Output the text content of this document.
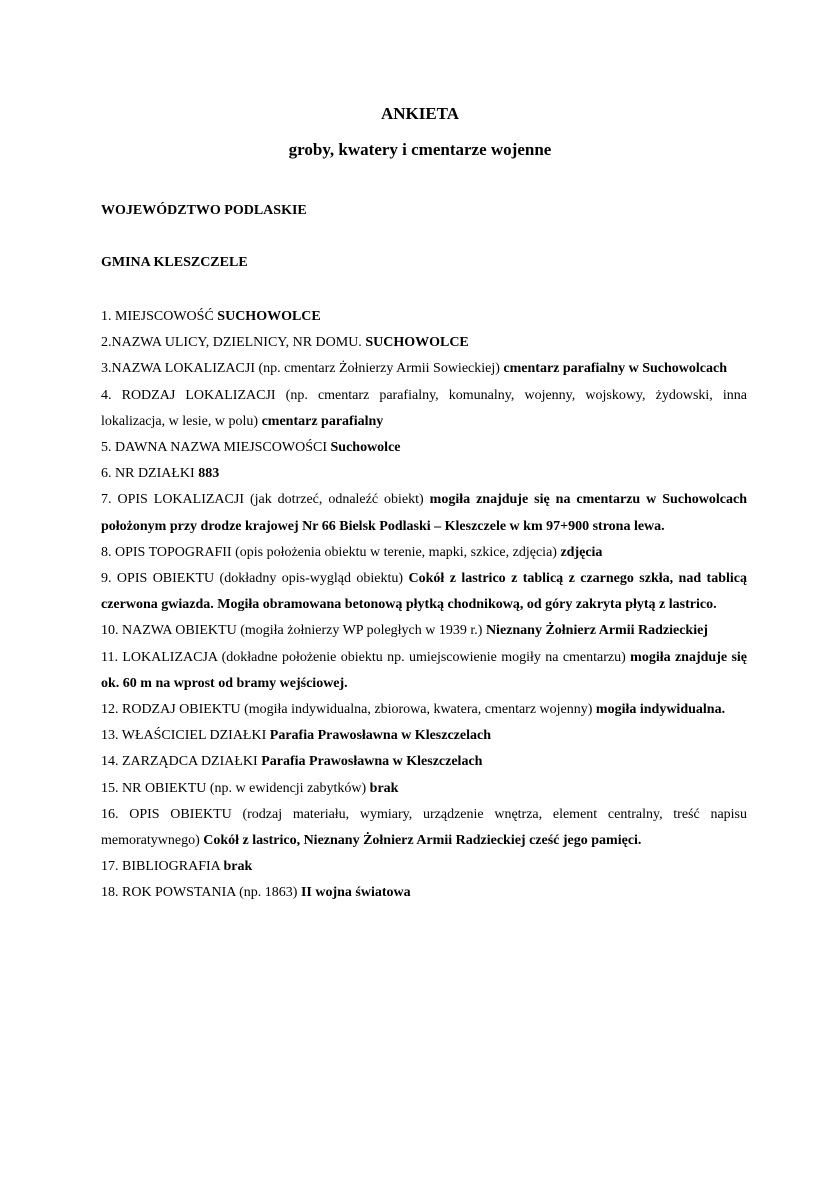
ANKIETA
groby, kwatery i cmentarze wojenne
WOJEWÓDZTWO PODLASKIE
GMINA KLESZCZELE

1. MIEJSCOWOŚĆ SUCHOWOLCE

2.NAZWA ULICY, DZIELNICY, NR DOMU. SUCHOWOLCE

3.NAZWA LOKALIZACJI (np. cmentarz Żołnierzy Armii Sowieckiej) cmentarz parafialny w Suchowolcach

4. RODZAJ LOKALIZACJI (np. cmentarz parafialny, komunalny, wojenny, wojskowy, żydowski, inna lokalizacja, w lesie, w polu) cmentarz parafialny

5. DAWNA NAZWA MIEJSCOWOŚCI Suchowolce

6. NR DZIAŁKI 883

7. OPIS LOKALIZACJI (jak dotrzeć, odnaleźć obiekt) mogiła znajduje się na cmentarzu w Suchowolcach położonym przy drodze krajowej Nr 66 Bielsk Podlaski – Kleszczele w km 97+900 strona lewa.

8. OPIS TOPOGRAFII (opis położenia obiektu w terenie, mapki, szkice, zdjęcia) zdjęcia

9. OPIS OBIEKTU (dokładny opis-wygląd obiektu) Cokół z lastrico z tablicą z czarnego szkła, nad tablicą czerwona gwiazda. Mogiła obramowana betonową płytką chodnikową, od góry zakryta płytą z lastrico.

10. NAZWA OBIEKTU (mogiła żołnierzy WP poległych w 1939 r.) Nieznany Żołnierz Armii Radzieckiej

11. LOKALIZACJA (dokładne położenie obiektu np. umiejscowienie mogiły na cmentarzu) mogiła znajduje się ok. 60 m na wprost od bramy wejściowej.

12. RODZAJ OBIEKTU (mogiła indywidualna, zbiorowa, kwatera, cmentarz wojenny) mogiła indywidualna.

13. WŁAŚCICIEL DZIAŁKI Parafia Prawosławna w Kleszczelach

14. ZARZĄDCA DZIAŁKI Parafia Prawosławna w Kleszczelach

15. NR OBIEKTU (np. w ewidencji zabytków) brak

16. OPIS OBIEKTU (rodzaj materiału, wymiary, urządzenie wnętrza, element centralny, treść napisu memoratywnego) Cokół z lastrico, Nieznany Żołnierz Armii Radzieckiej cześć jego pamięci.

17. BIBLIOGRAFIA brak

18. ROK POWSTANIA (np. 1863) II wojna światowa
